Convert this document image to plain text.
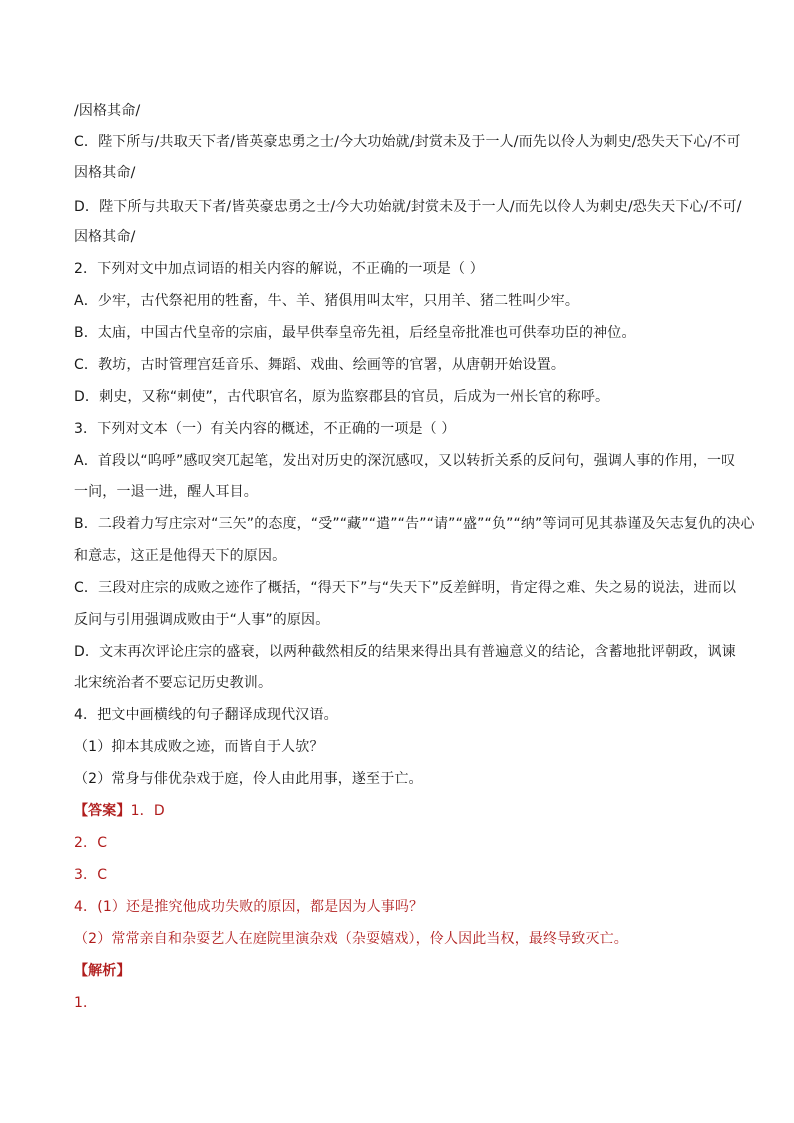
/因格其命/
C．陛下所与/共取天下者/皆英豪忠勇之士/今大功始就/封赏未及于一人/而先以伶人为刺史/恐失天下心/不可
因格其命/
D．陛下所与共取天下者/皆英豪忠勇之士/今大功始就/封赏未及于一人/而先以伶人为刺史/恐失天下心/不可/
因格其命/
2．下列对文中加点词语的相关内容的解说，不正确的一项是（ ）
A．少牢，古代祭祀用的牲畜，牛、羊、猪俱用叫太牢，只用羊、猪二牲叫少牢。
B．太庙，中国古代皇帝的宗庙，最早供奉皇帝先祖，后经皇帝批准也可供奉功臣的神位。
C．教坊，古时管理宫廷音乐、舞蹈、戏曲、绘画等的官署，从唐朝开始设置。
D．刺史，又称“刺使”，古代职官名，原为监察郡县的官员，后成为一州长官的称呼。
3．下列对文本（一）有关内容的概述，不正确的一项是（ ）
A．首段以“呜呼”感叹突兀起笔，发出对历史的深沉感叹，又以转折关系的反问句，强调人事的作用，一叹
一问，一退一进，醒人耳目。
B．二段着力写庄宗对“三矢”的态度，“受”“藏”“遣”“告”“请”“盛”“负”“纳”等词可见其恭谨及矢志复仇的决心
和意志，这正是他得天下的原因。
C．三段对庄宗的成败之迹作了概括，“得天下”与“失天下”反差鲜明，肯定得之难、失之易的说法，进而以
反问与引用强调成败由于“人事”的原因。
D．文末再次评论庄宗的盛衰，以两种截然相反的结果来得出具有普遍意义的结论，含蓄地批评朝政，讽谏
北宋统治者不要忘记历史教训。
4．把文中画横线的句子翻译成现代汉语。
（1）抑本其成败之迹，而皆自于人欤？
（2）常身与俳优杂戏于庭，伶人由此用事，遂至于亡。
【答案】1．D
2．C
3．C
4．(1）还是推究他成功失败的原因，都是因为人事吗？
（2）常常亲自和杂耍艺人在庭院里演杂戏（杂耍嬉戏），伶人因此当权，最终导致灭亡。
【解析】
1．
